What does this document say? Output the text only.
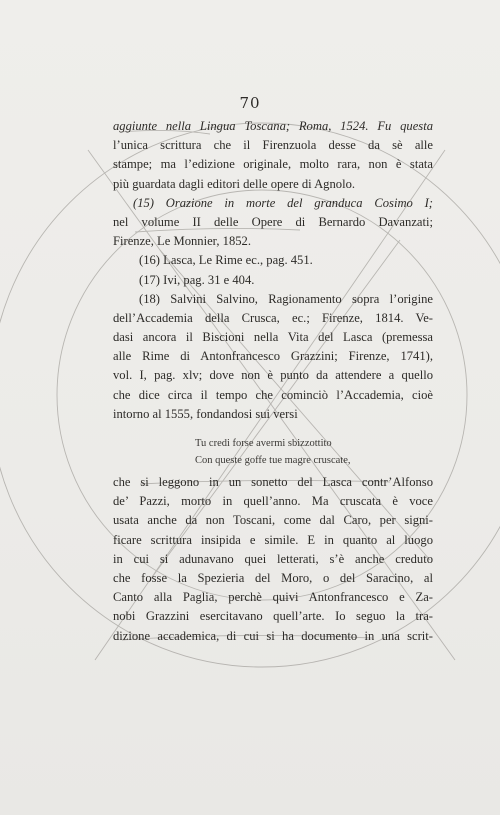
70
aggiunte nella Lingua Toscana; Roma, 1524. Fu questa
l’unica scrittura che il Firenzuola desse da sè alle
stampe; ma l’edizione originale, molto rara, non è stata
più guardata dagli editori delle opere di Agnolo.
(15) Orazione in morte del granduca Cosimo I;
nel volume II delle Opere di Bernardo Davanzati;
Firenze, Le Monnier, 1852.
(16) Lasca, Le Rime ec., pag. 451.
(17) Ivi, pag. 31 e 404.
(18) Salvini Salvino, Ragionamento sopra l’origine
dell’Accademia della Crusca, ec.; Firenze, 1814. Ve-
dasi ancora il Biscioni nella Vita del Lasca (premessa
alle Rime di Antonfrancesco Grazzini; Firenze, 1741),
vol. I, pag. xlv; dove non è punto da attendere a quello
che dice circa il tempo che cominciò l’Accademia, cioè
intorno al 1555, fondandosi sui versi
Tu credi forse avermi sbizzottito
Con queste goffe tue magre cruscate,
che si leggono in un sonetto del Lasca contr’Alfonso
de’ Pazzi, morto in quell’anno. Ma cruscata è voce
usata anche da non Toscani, come dal Caro, per signi-
ficare scrittura insipida e simile. E in quanto al luogo
in cui si adunavano quei letterati, s’è anche creduto
che fosse la Spezieria del Moro, o del Saracino, al
Canto alla Paglia, perchè quivi Antonfrancesco e Za-
nobi Grazzini esercitavano quell’arte. Io seguo la tra-
dizione accademica, di cui si ha documento in una scrit-
